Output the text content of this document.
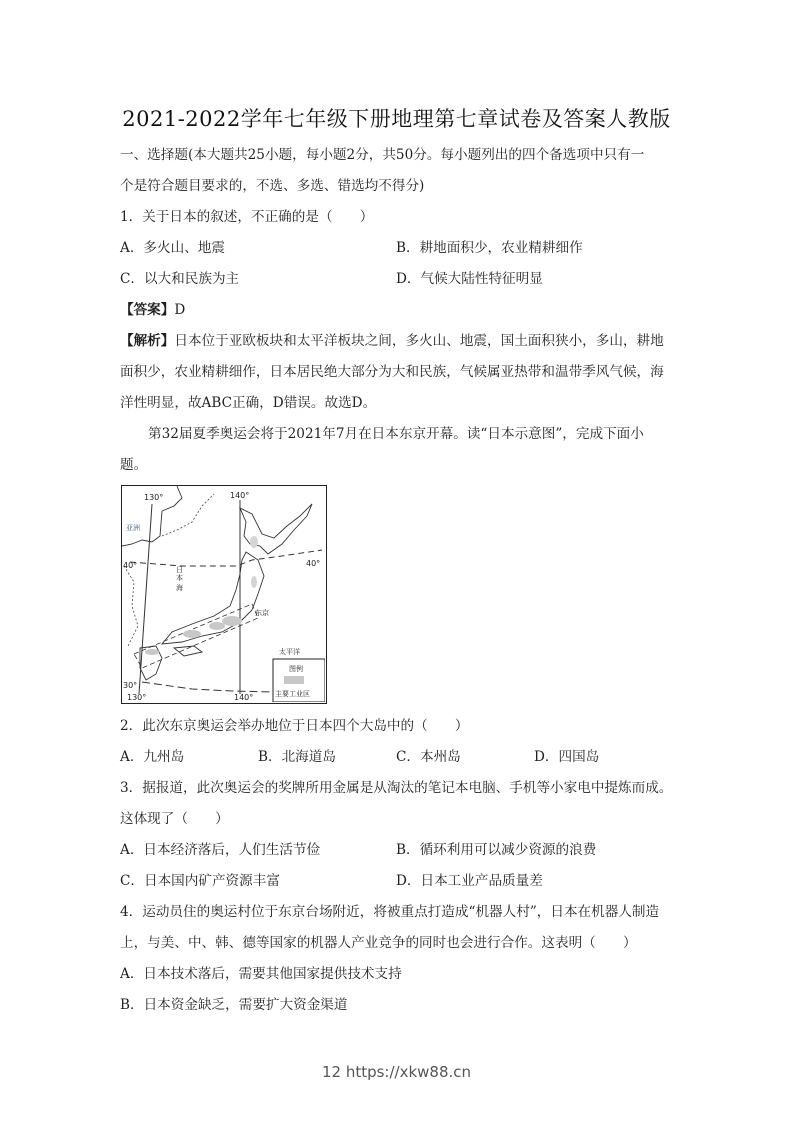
2021-2022学年七年级下册地理第七章试卷及答案人教版
一、选择题(本大题共25小题，每小题2分，共50分。每小题列出的四个备选项中只有一
个是符合题目要求的，不选、多选、错选均不得分)
1．关于日本的叙述，不正确的是（　　）
A．多火山、地震	B．耕地面积少，农业精耕细作
C．以大和民族为主	D．气候大陆性特征明显
【答案】D
【解析】日本位于亚欧板块和太平洋板块之间，多火山、地震，国土面积狭小，多山，耕地
面积少，农业精耕细作，日本居民绝大部分为大和民族，气候属亚热带和温带季风气候，海
洋性明显，故ABC正确，D错误。故选D。
第32届夏季奥运会将于2021年7月在日本东京开幕。读“日本示意图”，完成下面小
题。
130°	140°
亚洲
40°	40°
日
本
海
东京
太平洋
30°
130°	140°
图例
主要工业区
2．此次东京奥运会举办地位于日本四个大岛中的（　　）
A．九州岛	B．北海道岛	C．本州岛	D．四国岛
3．据报道，此次奥运会的奖牌所用金属是从淘汰的笔记本电脑、手机等小家电中提炼而成。
这体现了（　　）
A．日本经济落后，人们生活节俭	B．循环利用可以减少资源的浪费
C．日本国内矿产资源丰富	D．日本工业产品质量差
4．运动员住的奥运村位于东京台场附近，将被重点打造成“机器人村”，日本在机器人制造
上，与美、中、韩、德等国家的机器人产业竞争的同时也会进行合作。这表明（　　）
A．日本技术落后，需要其他国家提供技术支持
B．日本资金缺乏，需要扩大资金渠道
12 https://xkw88.cn
